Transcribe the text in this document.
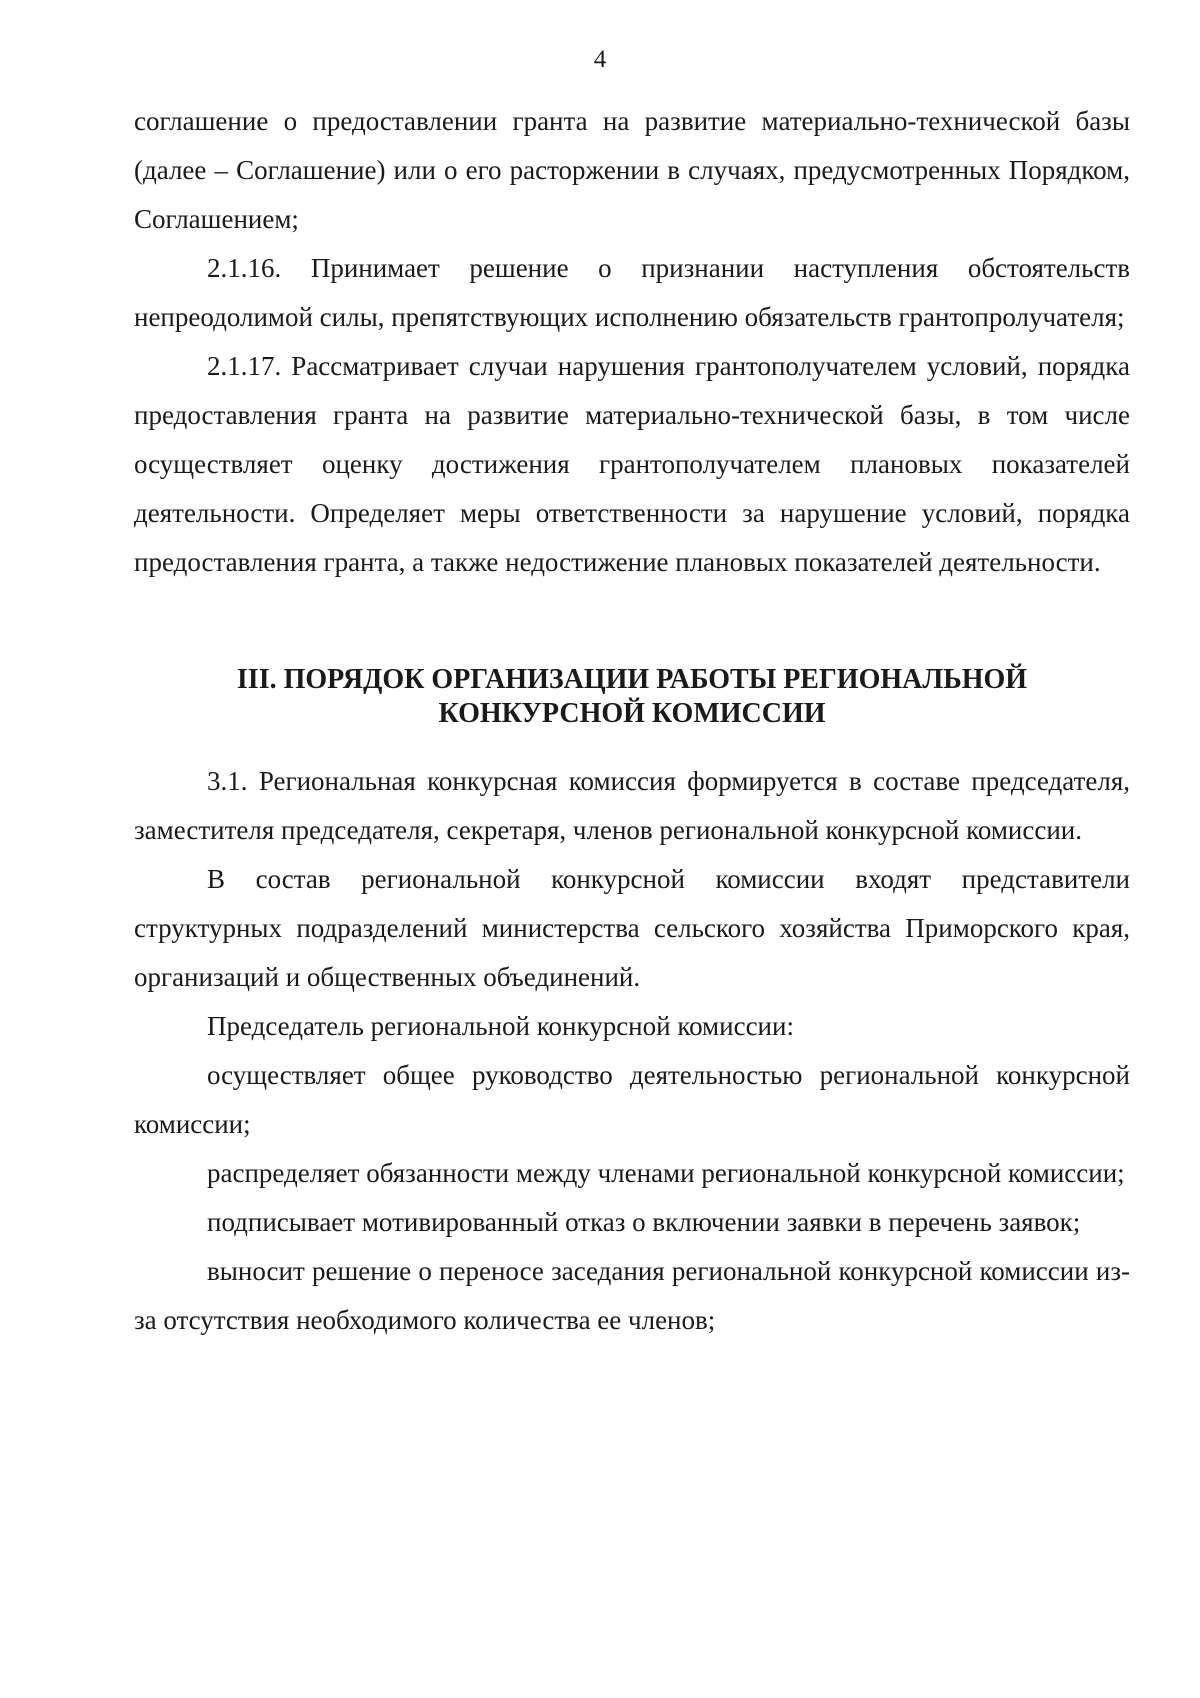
4

соглашение о предоставлении гранта на развитие материально-технической базы (далее – Соглашение) или о его расторжении в случаях, предусмотренных Порядком, Соглашением;

2.1.16. Принимает решение о признании наступления обстоятельств непреодолимой силы, препятствующих исполнению обязательств грантопролучателя;

2.1.17. Рассматривает случаи нарушения грантополучателем условий, порядка предоставления гранта на развитие материально-технической базы, в том числе осуществляет оценку достижения грантополучателем плановых показателей деятельности. Определяет меры ответственности за нарушение условий, порядка предоставления гранта, а также недостижение плановых показателей деятельности.

III. ПОРЯДОК ОРГАНИЗАЦИИ РАБОТЫ РЕГИОНАЛЬНОЙ
КОНКУРСНОЙ КОМИССИИ

3.1. Региональная конкурсная комиссия формируется в составе председателя, заместителя председателя, секретаря, членов региональной конкурсной комиссии.

В состав региональной конкурсной комиссии входят представители структурных подразделений министерства сельского хозяйства Приморского края, организаций и общественных объединений.

Председатель региональной конкурсной комиссии:

осуществляет общее руководство деятельностью региональной конкурсной комиссии;

распределяет обязанности между членами региональной конкурсной комиссии;

подписывает мотивированный отказ о включении заявки в перечень заявок;

выносит решение о переносе заседания региональной конкурсной комиссии из-за отсутствия необходимого количества ее членов;
